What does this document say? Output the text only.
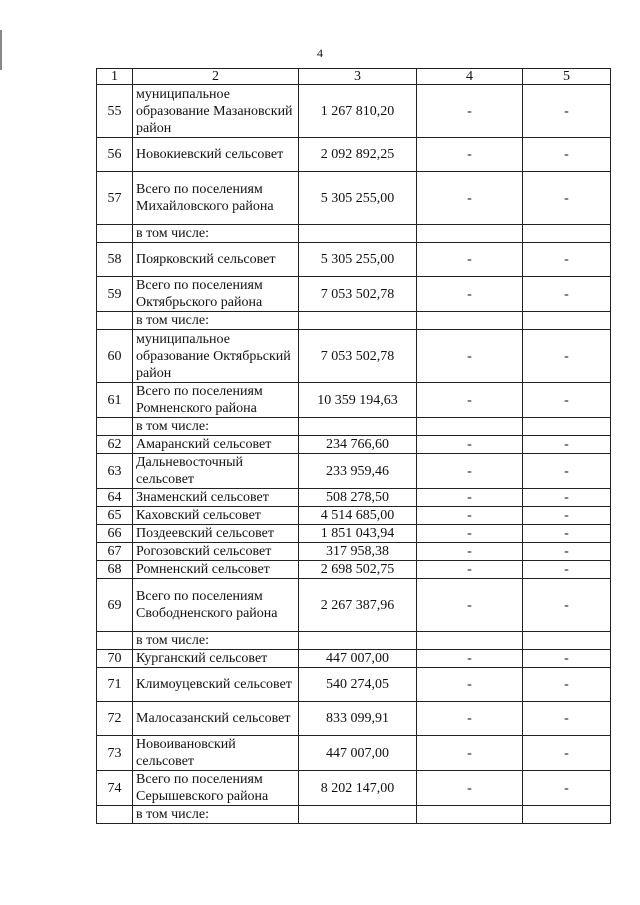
4
1	2	3	4	5
55	муниципальное образование Мазановский район	1 267 810,20	-	-
56	Новокиевский сельсовет	2 092 892,25	-	-
57	Всего по поселениям Михайловского района	5 305 255,00	-	-
	в том числе:			
58	Поярковский сельсовет	5 305 255,00	-	-
59	Всего по поселениям Октябрьского района	7 053 502,78	-	-
	в том числе:			
60	муниципальное образование Октябрьский район	7 053 502,78	-	-
61	Всего по поселениям Ромненского района	10 359 194,63	-	-
	в том числе:			
62	Амаранский сельсовет	234 766,60	-	-
63	Дальневосточный сельсовет	233 959,46	-	-
64	Знаменский сельсовет	508 278,50	-	-
65	Каховский сельсовет	4 514 685,00	-	-
66	Поздеевский сельсовет	1 851 043,94	-	-
67	Рогозовский сельсовет	317 958,38	-	-
68	Ромненский сельсовет	2 698 502,75	-	-
69	Всего по поселениям Свободненского района	2 267 387,96	-	-
	в том числе:			
70	Курганский сельсовет	447 007,00	-	-
71	Климоуцевский сельсовет	540 274,05	-	-
72	Малосазанский сельсовет	833 099,91	-	-
73	Новоивановский сельсовет	447 007,00	-	-
74	Всего по поселениям Серышевского района	8 202 147,00	-	-
	в том числе:			
